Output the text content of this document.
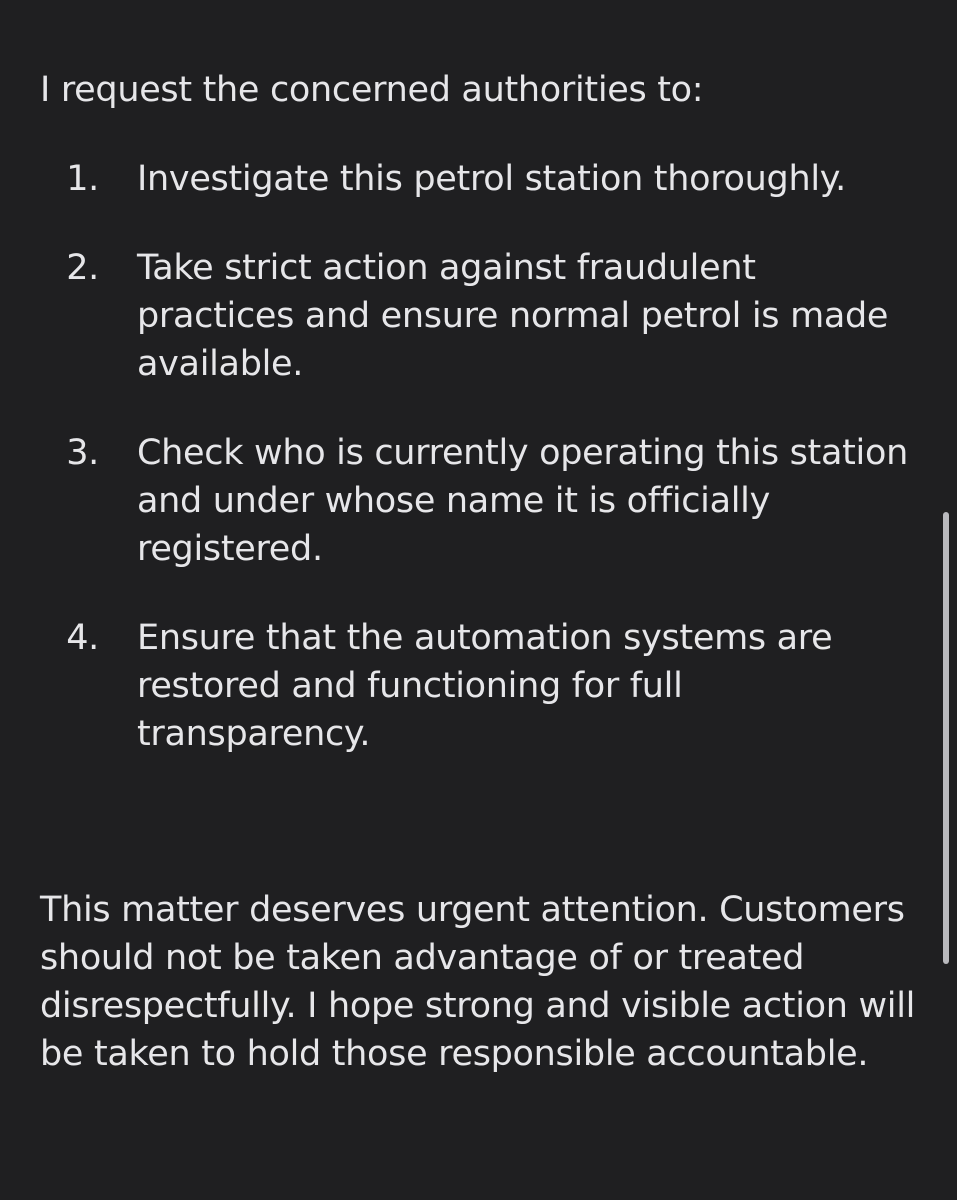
I request the concerned authorities to:

1.	Investigate this petrol station thoroughly.
2.	Take strict action against fraudulent practices and ensure normal petrol is made available.
3.	Check who is currently operating this station and under whose name it is officially registered.
4.	Ensure that the automation systems are restored and functioning for full transparency.

This matter deserves urgent attention. Customers should not be taken advantage of or treated disrespectfully. I hope strong and visible action will be taken to hold those responsible accountable.
